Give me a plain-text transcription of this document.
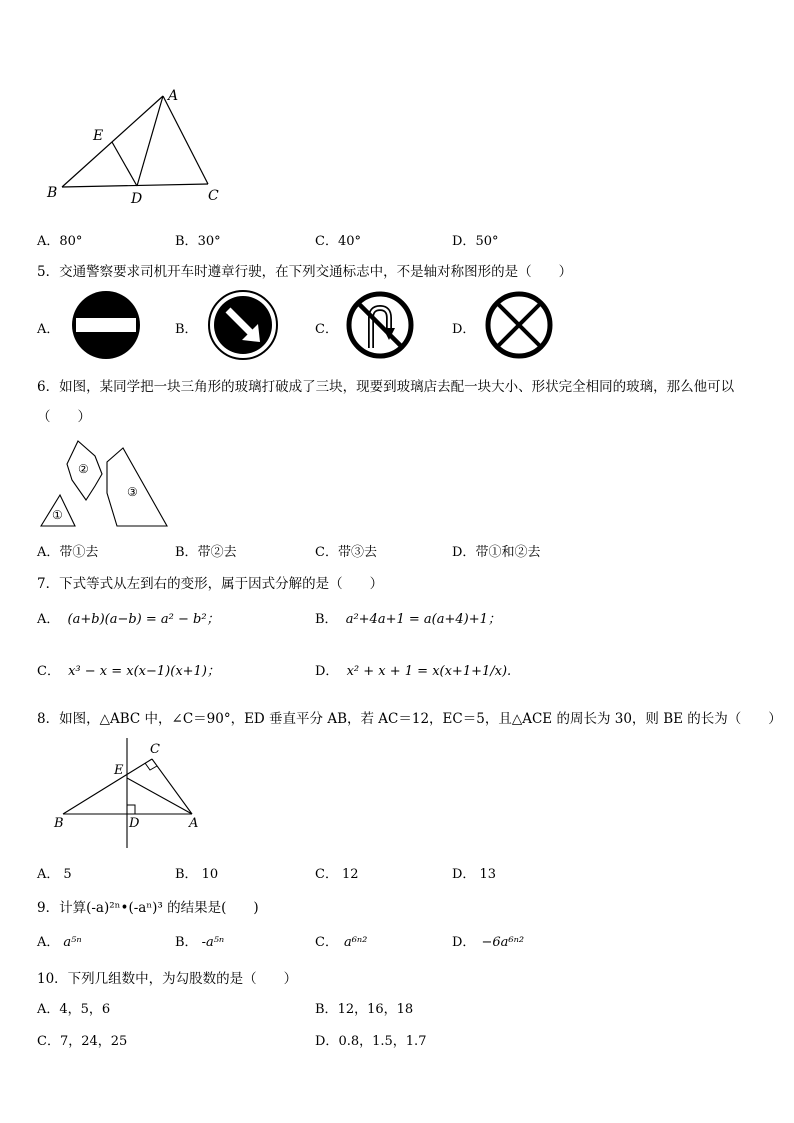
A
E
B	D	C
A．80°	B．30°	C．40°	D．50°
5．交通警察要求司机开车时遵章行驶，在下列交通标志中，不是轴对称图形的是（　　）
A．	B．	C．	D．
6．如图，某同学把一块三角形的玻璃打破成了三块，现要到玻璃店去配一块大小、形状完全相同的玻璃，那么他可以
（　　）
①
②
③
A．带①去	B．带②去	C．带③去	D．带①和②去
7．下式等式从左到右的变形，属于因式分解的是（　　）
A． (a+b)(a−b) = a² − b²；	B． a²+4a+1 = a(a+4)+1；
C． x³ − x = x(x−1)(x+1)；	D． x² + x + 1 = x(x+1+1/x).
8．如图，△ABC 中，∠C＝90°，ED 垂直平分 AB，若 AC＝12，EC＝5，且△ACE 的周长为 30，则 BE 的长为（　　）
C
E
B	D	A
A． 5	B． 10	C． 12	D． 13
9．计算(-a)²ⁿ•(-aⁿ)³ 的结果是(　　)
A． a⁵ⁿ	B． -a⁵ⁿ	C． a⁶ⁿ²	D． −6a⁶ⁿ²
10．下列几组数中，为勾股数的是（　　）
A．4，5，6	B．12，16，18
C．7，24，25	D．0.8，1.5，1.7
